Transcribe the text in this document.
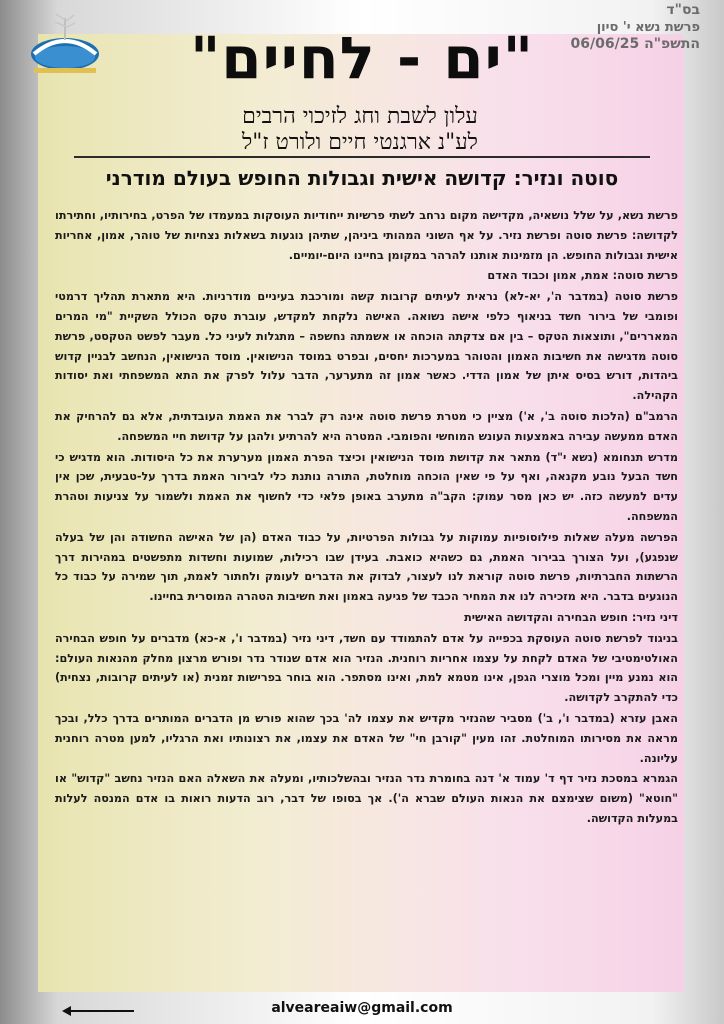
בס"ד
פרשת נשא י' סיון
התשפ"ה 06/06/25
"ים - לחיים"
עלון לשבת וחג לזיכוי הרבים
לע"נ ארגנטי חיים ולורט ז"ל
סוטה ונזיר: קדושה אישית וגבולות החופש בעולם מודרני

פרשת נשא, על שלל נושאיה, מקדישה מקום נרחב לשתי פרשיות ייחודיות העוסקות במעמדו של הפרט, בחירותיו, וחתירתו לקדושה: פרשת סוטה ופרשת נזיר. על אף השוני המהותי ביניהן, שתיהן נוגעות בשאלות נצחיות של טוהר, אמון, אחריות אישית וגבולות החופש. הן מזמינות אותנו להרהר במקומן בחיינו היום-יומיים.

פרשת סוטה: אמת, אמון וכבוד האדם

פרשת סוטה (במדבר ה', יא-לא) נראית לעיתים קרובות קשה ומורכבת בעיניים מודרניות. היא מתארת תהליך דרמטי ופומבי של בירור חשד בניאוף כלפי אישה נשואה. האישה נלקחת למקדש, עוברת טקס הכולל השקיית "מי המרים המאררים", ותוצאות הטקס – בין אם צדקתה הוכחה או אשמתה נחשפה – מתגלות לעיני כל. מעבר לפשט הטקסט, פרשת סוטה מדגישה את חשיבות האמון והטוהר במערכות יחסים, ובפרט במוסד הנישואין. מוסד הנישואין, הנחשב לבניין קדוש ביהדות, דורש בסיס איתן של אמון הדדי. כאשר אמון זה מתערער, הדבר עלול לפרק את התא המשפחתי ואת יסודות הקהילה.

הרמב"ם (הלכות סוטה ב', א') מציין כי מטרת פרשת סוטה אינה רק לברר את האמת העובדתית, אלא גם להרחיק את האדם ממעשה עבירה באמצעות העונש המוחשי והפומבי. המטרה היא להרתיע ולהגן על קדושת חיי המשפחה.

מדרש תנחומא (נשא י"ד) מתאר את קדושת מוסד הנישואין וכיצד הפרת האמון מערערת את כל היסודות. הוא מדגיש כי חשד הבעל נובע מקנאה, ואף על פי שאין הוכחה מוחלטת, התורה נותנת כלי לבירור האמת בדרך על-טבעית, שכן אין עדים למעשה כזה. יש כאן מסר עמוק: הקב"ה מתערב באופן פלאי כדי לחשוף את האמת ולשמור על צניעות וטהרת המשפחה.

הפרשה מעלה שאלות פילוסופיות עמוקות על גבולות הפרטיות, על כבוד האדם (הן של האישה החשודה והן של בעלה שנפגע), ועל הצורך בבירור האמת, גם כשהיא כואבת. בעידן שבו רכילות, שמועות וחשדות מתפשטים במהירות דרך הרשתות החברתיות, פרשת סוטה קוראת לנו לעצור, לבדוק את הדברים לעומק ולחתור לאמת, תוך שמירה על כבוד כל הנוגעים בדבר. היא מזכירה לנו את המחיר הכבד של פגיעה באמון ואת חשיבות הטהרה המוסרית בחיינו.

דיני נזיר: חופש הבחירה והקדושה האישית

בניגוד לפרשת סוטה העוסקת בכפייה על אדם להתמודד עם חשד, דיני נזיר (במדבר ו', א-כא) מדברים על חופש הבחירה האולטימטיבי של האדם לקחת על עצמו אחריות רוחנית. הנזיר הוא אדם שנודר נדר ופורש מרצון מחלק מהנאות העולם: הוא נמנע מיין ומכל מוצרי הגפן, אינו מטמא למת, ואינו מסתפר. הוא בוחר בפרישות זמנית (או לעיתים קרובות, נצחית) כדי להתקרב לקדושה.

האבן עזרא (במדבר ו', ב') מסביר שהנזיר מקדיש את עצמו לה' בכך שהוא פורש מן הדברים המותרים בדרך כלל, ובכך מראה את מסירותו המוחלטת. זהו מעין "קורבן חי" של האדם את עצמו, את רצונותיו ואת הרגליו, למען מטרה רוחנית עליונה.

הגמרא במסכת נזיר דף ד' עמוד א' דנה בחומרת נדר הנזיר ובהשלכותיו, ומעלה את השאלה האם הנזיר נחשב "קדוש" או "חוטא" (משום שצימצם את הנאות העולם שברא ה'). אך בסופו של דבר, רוב הדעות רואות בו אדם המנסה לעלות במעלות הקדושה.

alveareaiw@gmail.com
